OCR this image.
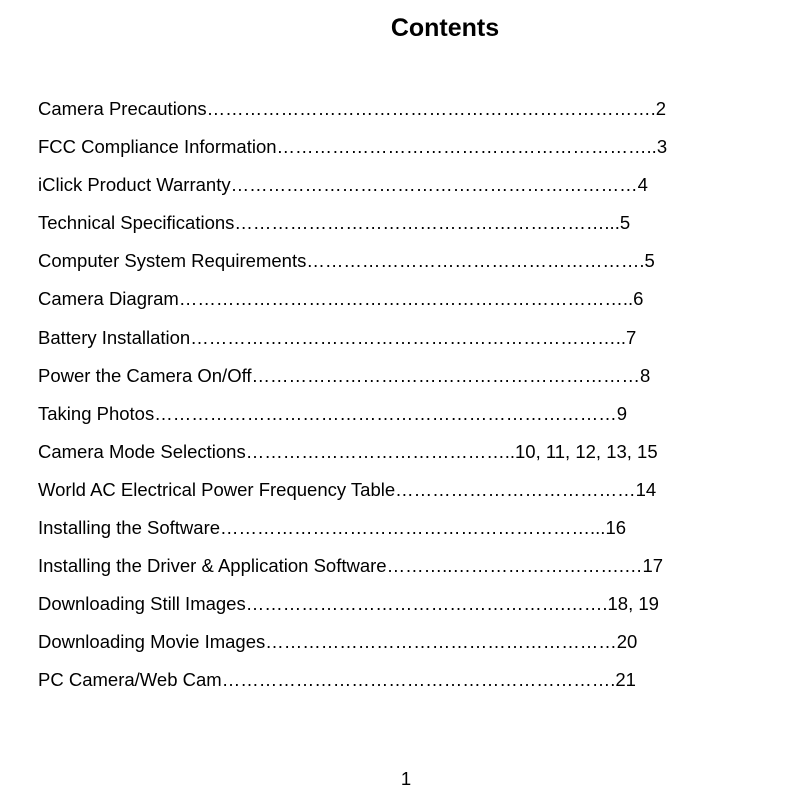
Contents
Camera Precautions……………………………………………………………….2
FCC Compliance Information……………………………………………………..3
iClick Product Warranty…………………………………………………………4
Technical Specifications……………………………………………………...5
Computer System Requirements……………………………………………….5
Camera Diagram………………………………………………………………..6
Battery Installation……………………………………………………………..7
Power the Camera On/Off………………………………………………………8
Taking Photos…………………………………………………………………9
Camera Mode Selections……………………………………..10, 11, 12, 13, 15
World AC Electrical Power Frequency Table…………………………………14
Installing the Software……………………………………………………...16
Installing the Driver & Application Software………..……………………….…17
Downloading Still Images…………………………………………….…….18, 19
Downloading Movie Images…………………………………………………20
PC Camera/Web Cam……………………………………………………….21
1
